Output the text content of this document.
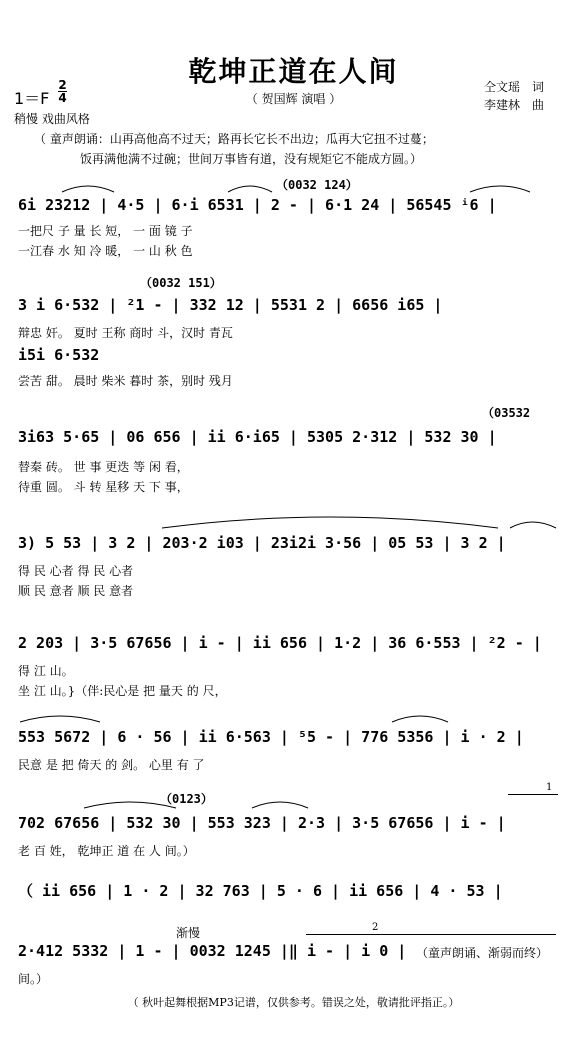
乾坤正道在人间
（ 贺国辉 演唱 ）
仝文瑶　词
李建林　曲
1＝F
2
4
稍慢 戏曲风格
（ 童声朗诵：山再高他高不过天；路再长它长不出边；瓜再大它扭不过蔓；
饭再满他满不过碗；世间万事皆有道，没有规矩它不能成方圆。）
（0032 124）
6i 23212 | 4·5 | 6·i 6531 | 2 - | 6·1 24 | 56545 ⁱ6 |
一把尺 子 量 长 短， 一 面 镜 子
一江春 水 知 冷 暖， 一 山 秋 色
（0032 151）
3 i 6·532 | ²1 - | 332 12 | 5531 2 | 6656 i65 |
辩忠 奸。 夏时 王称 商时 斗，汉时 青瓦
i5i 6·532
尝苦 甜。 晨时 柴米 暮时 茶，别时 残月
（03532
3i63 5·65 | 06 656 | ii 6·i65 | 5305 2·312 | 532 30 |
替秦 砖。 世 事 更迭 等 闲 看，
待重 圆。 斗 转 星移 天 下 事，
3) 5 53 | 3 2 | 203·2 i03 | 23i2i 3·56 | 05 53 | 3 2 |
得 民 心者 得 民 心者
顺 民 意者 顺 民 意者
2 203 | 3·5 67656 | i - | ii 656 | 1·2 | 36 6·553 | ²2 - |
得 江 山。
坐 江 山。}（伴:民心是 把 量天 的 尺，
553 5672 | 6 · 56 | ii 6·563 | ⁵5 - | 776 5356 | i · 2 |
民意 是 把 倚天 的 剑。 心里 有 了
（0123）
702 67656 | 532 30 | 553 323 | 2·3 | 3·5 67656 | i - |
老 百 姓， 乾坤正 道 在 人 间。）
1
（ ii 656 | 1 · 2 | 32 763 | 5 · 6 | ii 656 | 4 · 53 |
渐慢
2·412 5332 | 1 - | 0032 1245 |‖ i - | i 0 | （童声朗诵、渐弱而终）
间。）
2
（ 秋叶起舞根据MP3记谱，仅供参考。错误之处，敬请批评指正。）
